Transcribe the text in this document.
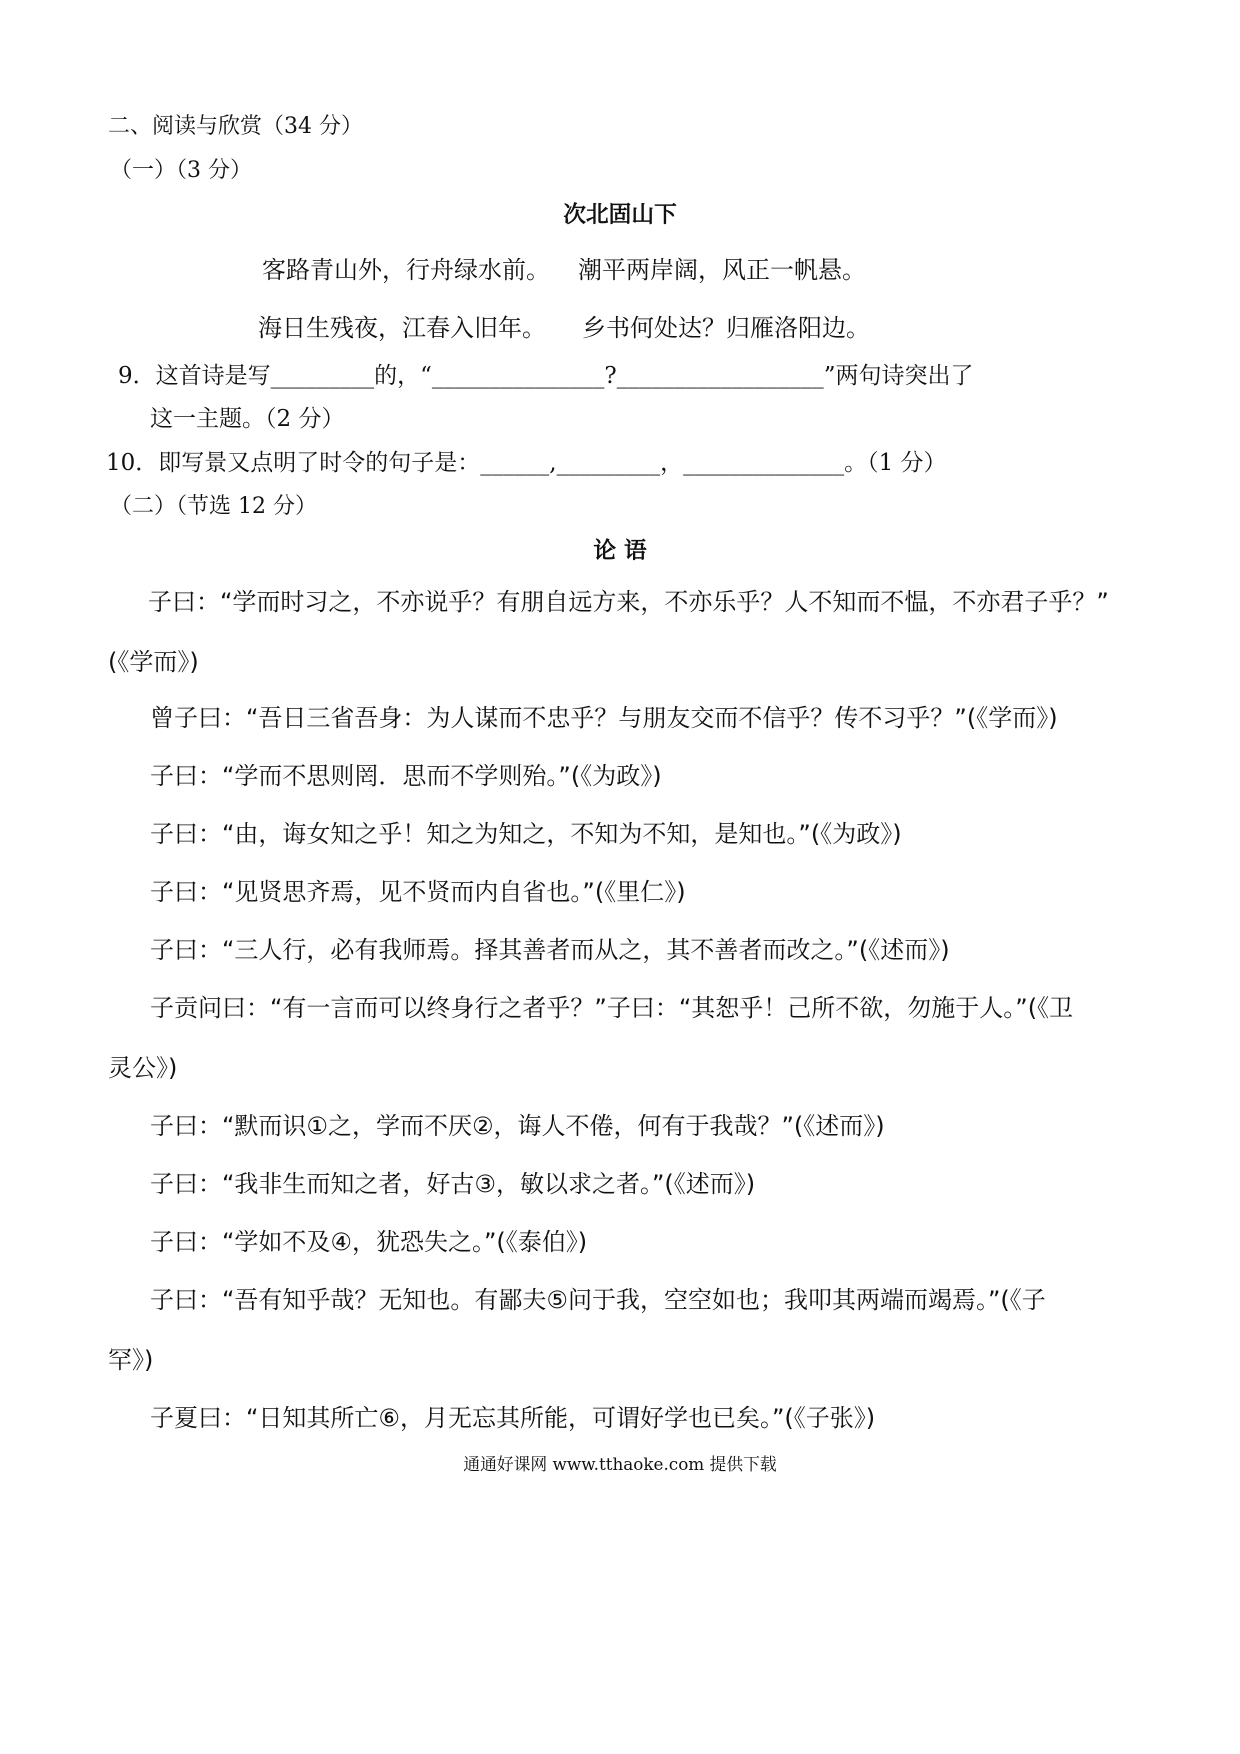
二、阅读与欣赏（34 分）
（一）（3 分）
次北固山下
客路青山外，行舟绿水前。 潮平两岸阔，风正一帆悬。
海日生残夜，江春入旧年。 乡书何处达？归雁洛阳边。
9．这首诗是写_________的，“_______________?__________________”两句诗突出了
这一主题。（2 分）
10．即写景又点明了时令的句子是：______,_________，______________。（1 分）
（二）（节选 12 分）
论 语
子曰：“学而时习之，不亦说乎？有朋自远方来，不亦乐乎？人不知而不愠，不亦君子乎？”
(《学而》)
曾子曰：“吾日三省吾身：为人谋而不忠乎？与朋友交而不信乎？传不习乎？”(《学而》)
子曰：“学而不思则罔．思而不学则殆。”(《为政》)
子曰：“由，诲女知之乎！知之为知之，不知为不知，是知也。”(《为政》)
子曰：“见贤思齐焉，见不贤而内自省也。”(《里仁》)
子曰：“三人行，必有我师焉。择其善者而从之，其不善者而改之。”(《述而》)
子贡问曰：“有一言而可以终身行之者乎？”子曰：“其恕乎！己所不欲，勿施于人。”(《卫
灵公》)
子曰：“默而识①之，学而不厌②，诲人不倦，何有于我哉？”(《述而》)
子曰：“我非生而知之者，好古③，敏以求之者。”(《述而》)
子曰：“学如不及④，犹恐失之。”(《泰伯》)
子曰：“吾有知乎哉？无知也。有鄙夫⑤问于我，空空如也；我叩其两端而竭焉。”(《子
罕》)
子夏曰：“日知其所亡⑥，月无忘其所能，可谓好学也已矣。”(《子张》)
通通好课网 www.tthaoke.com 提供下载
